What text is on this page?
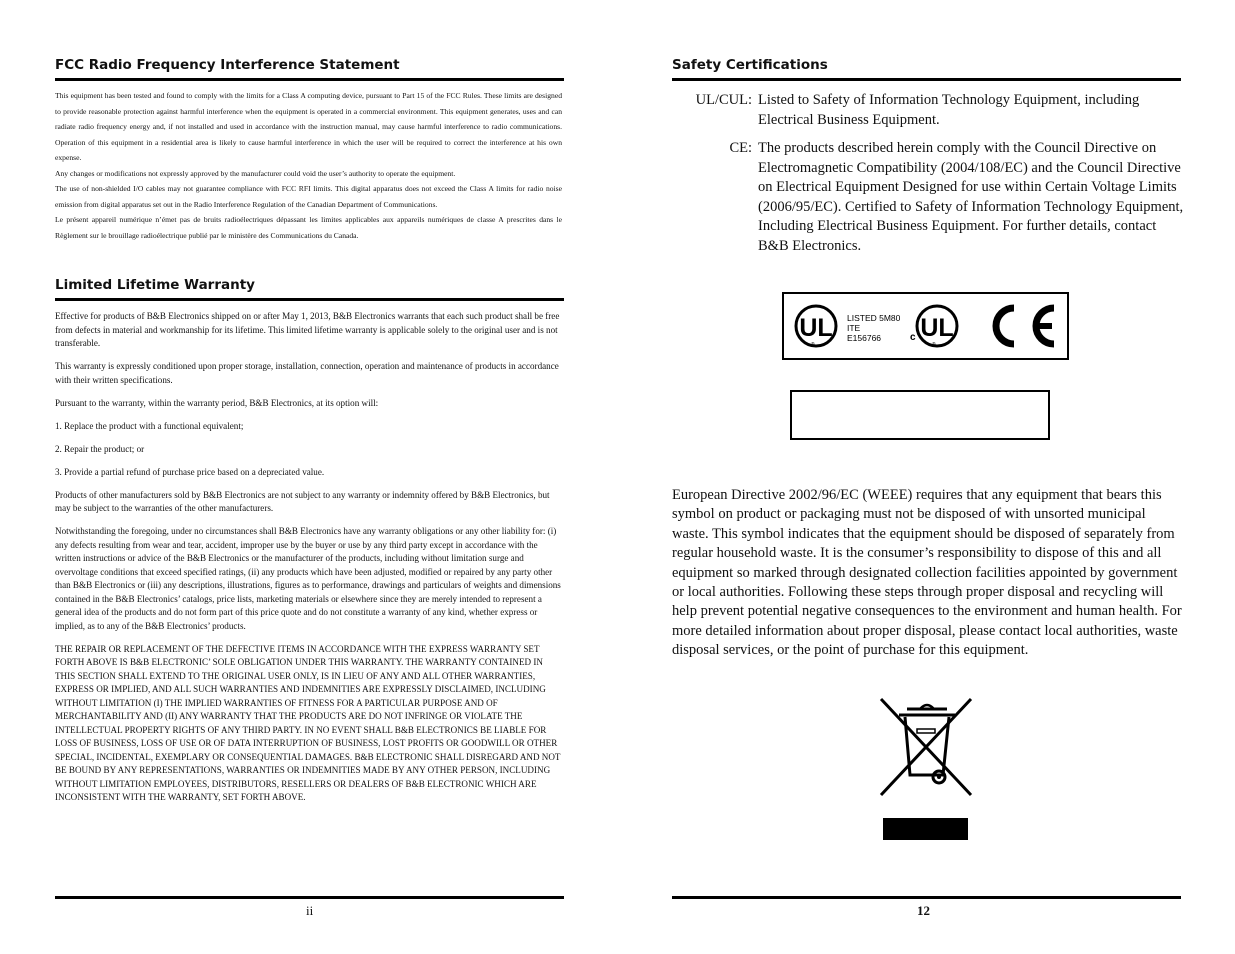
FCC Radio Frequency Interference Statement

This equipment has been tested and found to comply with the limits for a Class A computing device, pursuant to Part 15 of the FCC Rules. These limits are designed to provide reasonable protection against harmful interference when the equipment is operated in a commercial environment. This equipment generates, uses and can radiate radio frequency energy and, if not installed and used in accordance with the instruction manual, may cause harmful interference to radio communications. Operation of this equipment in a residential area is likely to cause harmful interference in which the user will be required to correct the interference at his own expense.

Any changes or modifications not expressly approved by the manufacturer could void the user’s authority to operate the equipment.

The use of non-shielded I/O cables may not guarantee compliance with FCC RFI limits. This digital apparatus does not exceed the Class A limits for radio noise emission from digital apparatus set out in the Radio Interference Regulation of the Canadian Department of Communications.

Le présent appareil numérique n’émet pas de bruits radioélectriques dépassant les limites applicables aux appareils numériques de classe A prescrites dans le Règlement sur le brouillage radioélectrique publié par le ministère des Communications du Canada.

Limited Lifetime Warranty

Effective for products of B&B Electronics shipped on or after May 1, 2013, B&B Electronics warrants that each such product shall be free from defects in material and workmanship for its lifetime. This limited lifetime warranty is applicable solely to the original user and is not transferable.

This warranty is expressly conditioned upon proper storage, installation, connection, operation and maintenance of products in accordance with their written specifications.

Pursuant to the warranty, within the warranty period, B&B Electronics, at its option will:

1. Replace the product with a functional equivalent;

2. Repair the product; or

3. Provide a partial refund of purchase price based on a depreciated value.

Products of other manufacturers sold by B&B Electronics are not subject to any warranty or indemnity offered by B&B Electronics, but may be subject to the warranties of the other manufacturers.

Notwithstanding the foregoing, under no circumstances shall B&B Electronics have any warranty obligations or any other liability for: (i) any defects resulting from wear and tear, accident, improper use by the buyer or use by any third party except in accordance with the written instructions or advice of the B&B Electronics or the manufacturer of the products, including without limitation surge and overvoltage conditions that exceed specified ratings, (ii) any products which have been adjusted, modified or repaired by any party other than B&B Electronics or (iii) any descriptions, illustrations, figures as to performance, drawings and particulars of weights and dimensions contained in the B&B Electronics’ catalogs, price lists, marketing materials or elsewhere since they are merely intended to represent a general idea of the products and do not form part of this price quote and do not constitute a warranty of any kind, whether express or implied, as to any of the B&B Electronics’ products.

THE REPAIR OR REPLACEMENT OF THE DEFECTIVE ITEMS IN ACCORDANCE WITH THE EXPRESS WARRANTY SET FORTH ABOVE IS B&B ELECTRONIC’ SOLE OBLIGATION UNDER THIS WARRANTY. THE WARRANTY CONTAINED IN THIS SECTION SHALL EXTEND TO THE ORIGINAL USER ONLY, IS IN LIEU OF ANY AND ALL OTHER WARRANTIES, EXPRESS OR IMPLIED, AND ALL SUCH WARRANTIES AND INDEMNITIES ARE EXPRESSLY DISCLAIMED, INCLUDING WITHOUT LIMITATION (I) THE IMPLIED WARRANTIES OF FITNESS FOR A PARTICULAR PURPOSE AND OF MERCHANTABILITY AND (II) ANY WARRANTY THAT THE PRODUCTS ARE DO NOT INFRINGE OR VIOLATE THE INTELLECTUAL PROPERTY RIGHTS OF ANY THIRD PARTY. IN NO EVENT SHALL B&B ELECTRONICS BE LIABLE FOR LOSS OF BUSINESS, LOSS OF USE OR OF DATA INTERRUPTION OF BUSINESS, LOST PROFITS OR GOODWILL OR OTHER SPECIAL, INCIDENTAL, EXEMPLARY OR CONSEQUENTIAL DAMAGES. B&B ELECTRONIC SHALL DISREGARD AND NOT BE BOUND BY ANY REPRESENTATIONS, WARRANTIES OR INDEMNITIES MADE BY ANY OTHER PERSON, INCLUDING WITHOUT LIMITATION EMPLOYEES, DISTRIBUTORS, RESELLERS OR DEALERS OF B&B ELECTRONIC WHICH ARE INCONSISTENT WITH THE WARRANTY, SET FORTH ABOVE.

ii
Safety Certifications
UL/CUL: Listed to Safety of Information Technology Equipment, including Electrical Business Equipment.
CE: The products described herein comply with the Council Directive on Electromagnetic Compatibility (2004/108/EC) and the Council Directive on Electrical Equipment Designed for use within Certain Voltage Limits (2006/95/EC). Certified to Safety of Information Technology Equipment, Including Electrical Business Equipment. For further details, contact B&B Electronics.
UL
®
LISTED 5M80
ITE
E156766	c UL
®
European Directive 2002/96/EC (WEEE) requires that any equipment that bears this symbol on product or packaging must not be disposed of with unsorted municipal waste. This symbol indicates that the equipment should be disposed of separately from regular household waste. It is the consumer’s responsibility to dispose of this and all equipment so marked through designated collection facilities appointed by government or local authorities. Following these steps through proper disposal and recycling will help prevent potential negative consequences to the environment and human health. For more detailed information about proper disposal, please contact local authorities, waste disposal services, or the point of purchase for this equipment.
12
